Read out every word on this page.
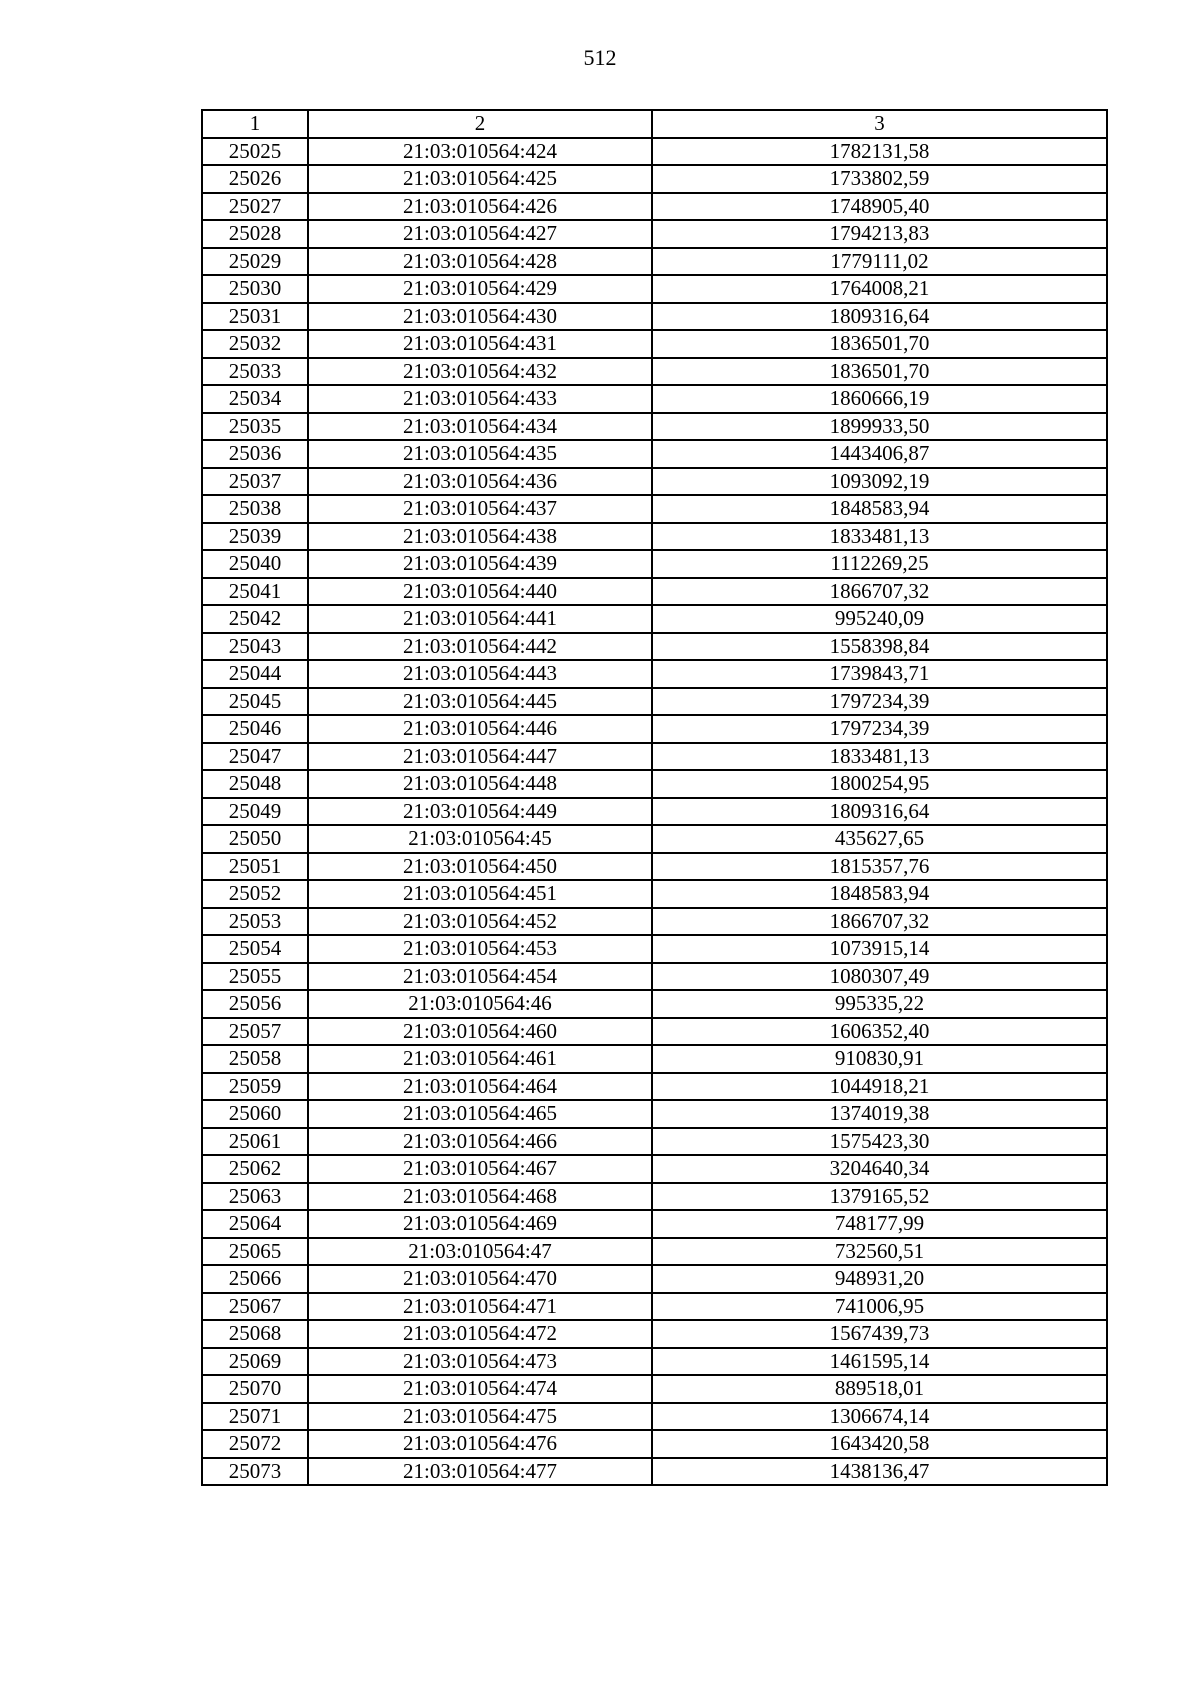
512
1	2	3
25025	21:03:010564:424	1782131,58
25026	21:03:010564:425	1733802,59
25027	21:03:010564:426	1748905,40
25028	21:03:010564:427	1794213,83
25029	21:03:010564:428	1779111,02
25030	21:03:010564:429	1764008,21
25031	21:03:010564:430	1809316,64
25032	21:03:010564:431	1836501,70
25033	21:03:010564:432	1836501,70
25034	21:03:010564:433	1860666,19
25035	21:03:010564:434	1899933,50
25036	21:03:010564:435	1443406,87
25037	21:03:010564:436	1093092,19
25038	21:03:010564:437	1848583,94
25039	21:03:010564:438	1833481,13
25040	21:03:010564:439	1112269,25
25041	21:03:010564:440	1866707,32
25042	21:03:010564:441	995240,09
25043	21:03:010564:442	1558398,84
25044	21:03:010564:443	1739843,71
25045	21:03:010564:445	1797234,39
25046	21:03:010564:446	1797234,39
25047	21:03:010564:447	1833481,13
25048	21:03:010564:448	1800254,95
25049	21:03:010564:449	1809316,64
25050	21:03:010564:45	435627,65
25051	21:03:010564:450	1815357,76
25052	21:03:010564:451	1848583,94
25053	21:03:010564:452	1866707,32
25054	21:03:010564:453	1073915,14
25055	21:03:010564:454	1080307,49
25056	21:03:010564:46	995335,22
25057	21:03:010564:460	1606352,40
25058	21:03:010564:461	910830,91
25059	21:03:010564:464	1044918,21
25060	21:03:010564:465	1374019,38
25061	21:03:010564:466	1575423,30
25062	21:03:010564:467	3204640,34
25063	21:03:010564:468	1379165,52
25064	21:03:010564:469	748177,99
25065	21:03:010564:47	732560,51
25066	21:03:010564:470	948931,20
25067	21:03:010564:471	741006,95
25068	21:03:010564:472	1567439,73
25069	21:03:010564:473	1461595,14
25070	21:03:010564:474	889518,01
25071	21:03:010564:475	1306674,14
25072	21:03:010564:476	1643420,58
25073	21:03:010564:477	1438136,47
